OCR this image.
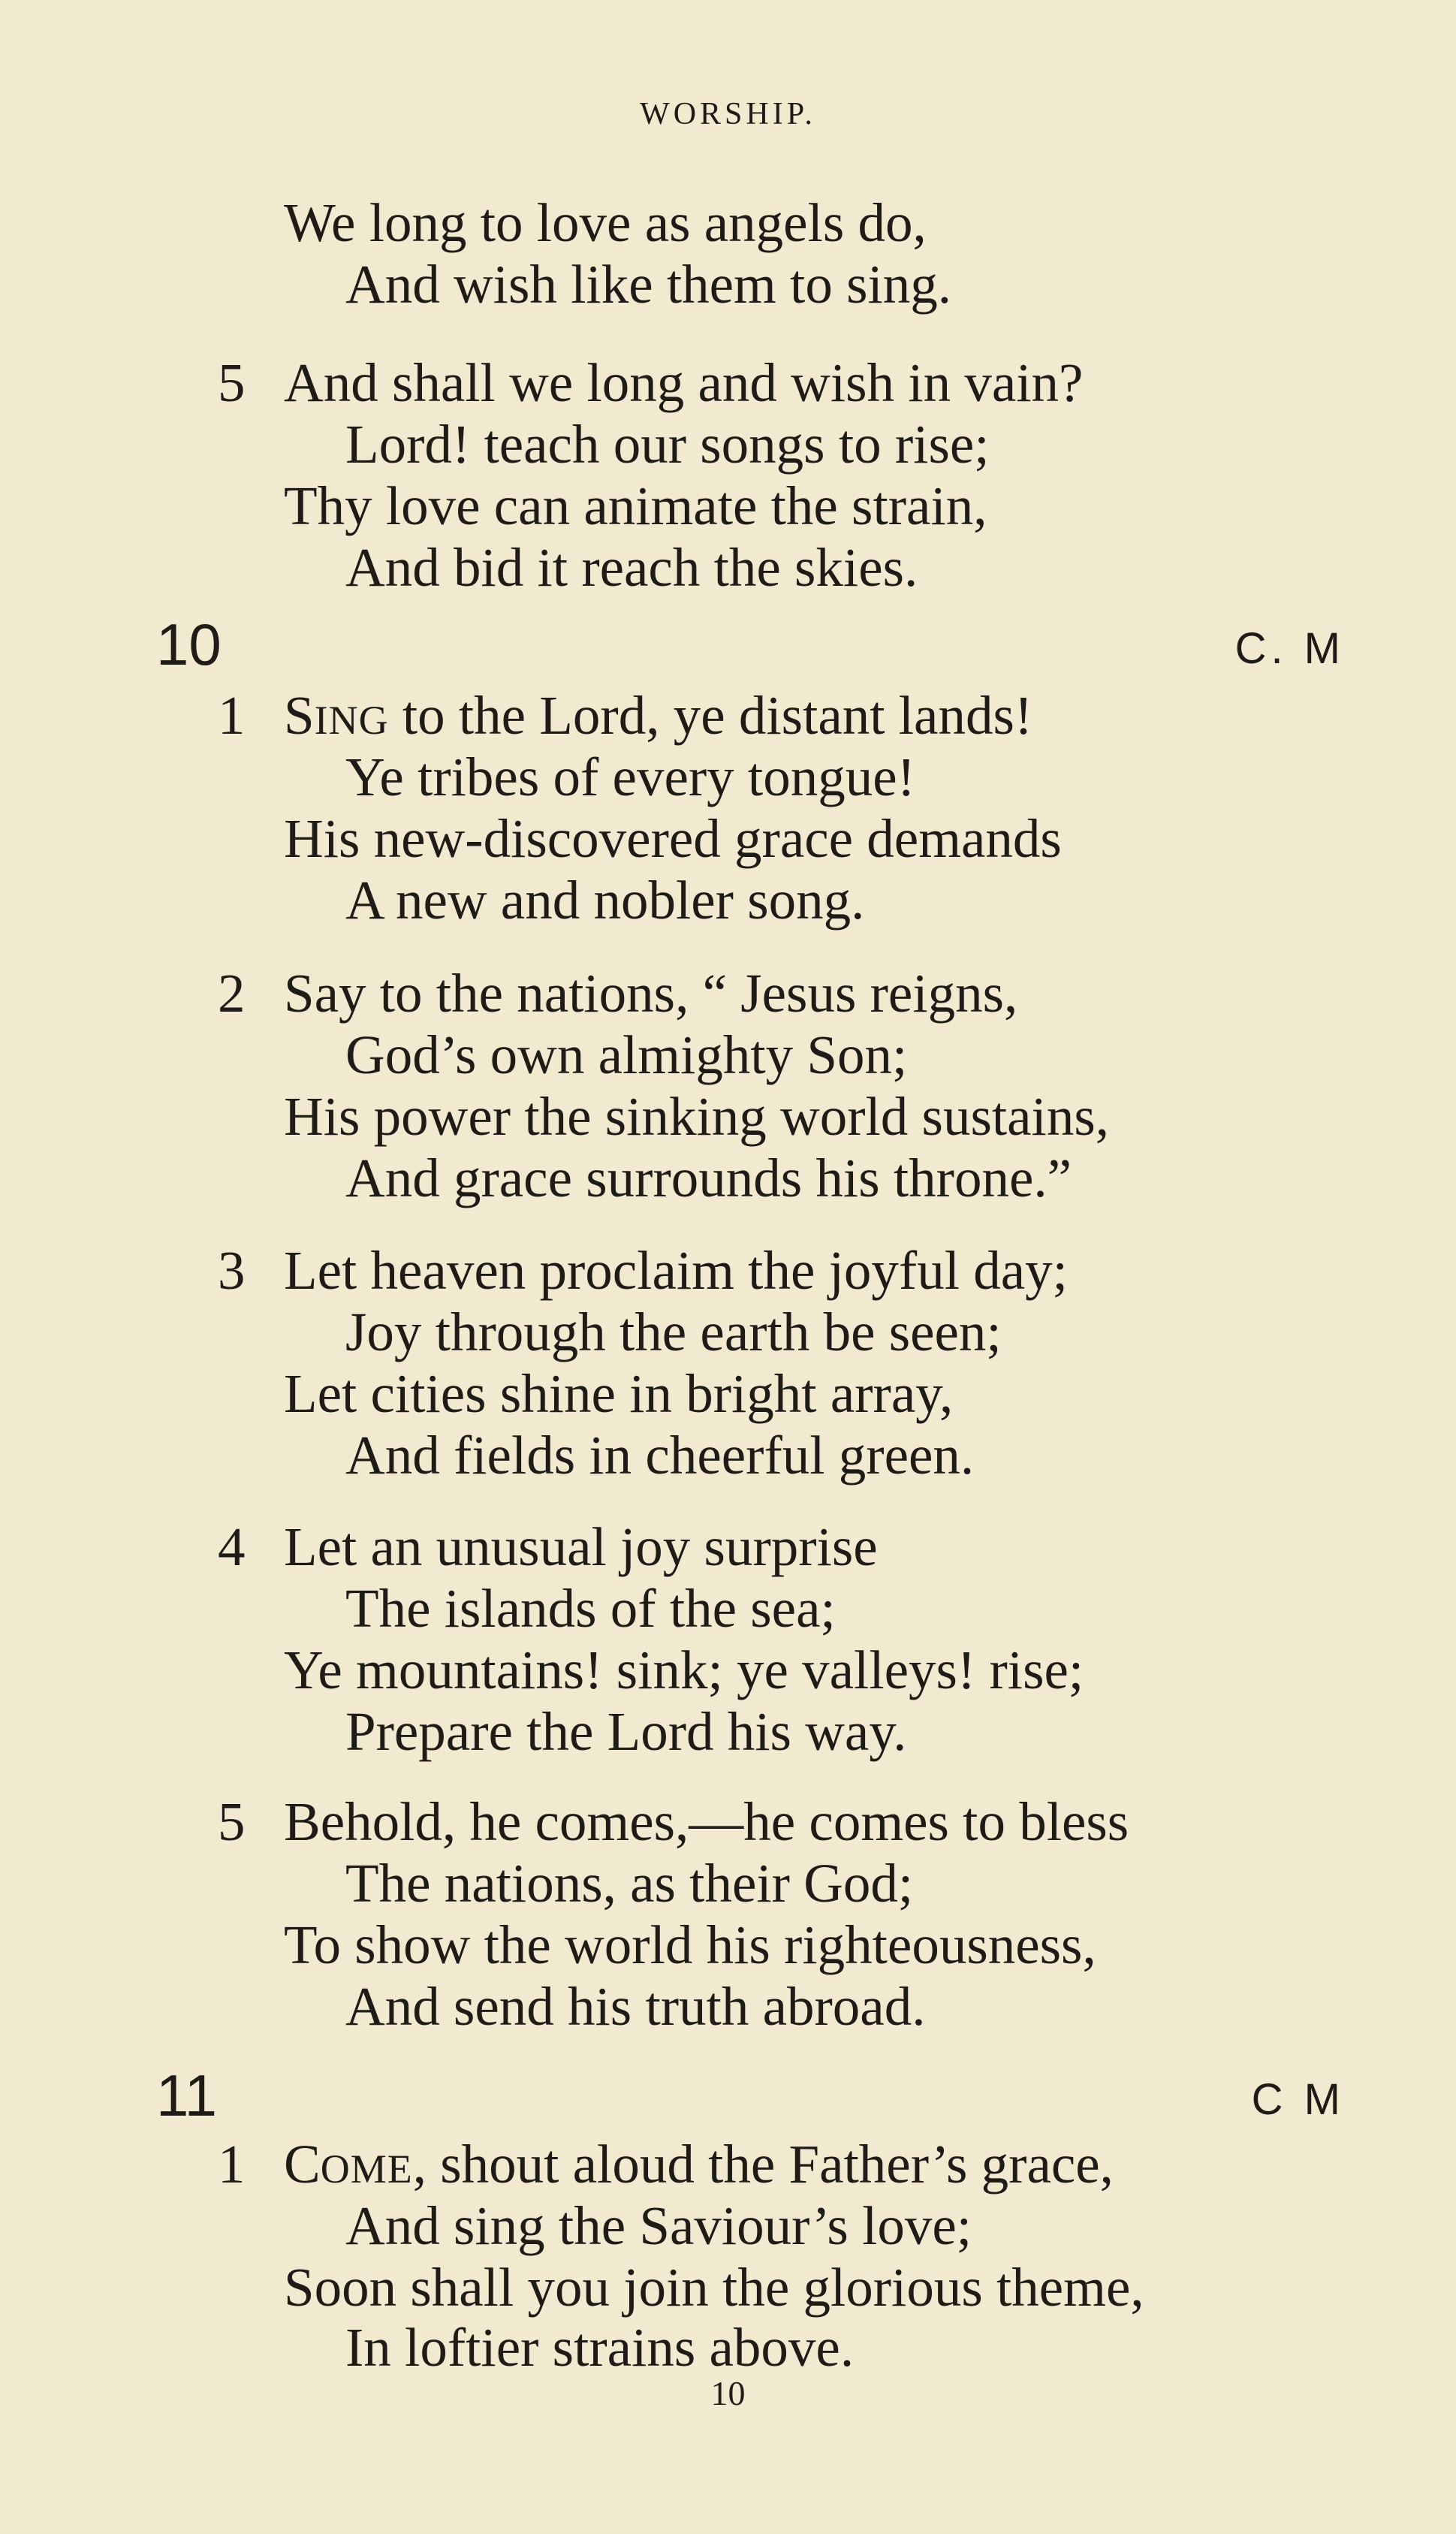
WORSHIP.
We long to love as angels do,
And wish like them to sing.
5 And shall we long and wish in vain?
Lord! teach our songs to rise;
Thy love can animate the strain,
And bid it reach the skies.
10	C. M
1 SING to the Lord, ye distant lands!
Ye tribes of every tongue!
His new-discovered grace demands
A new and nobler song.
2 Say to the nations, “ Jesus reigns,
God’s own almighty Son;
His power the sinking world sustains,
And grace surrounds his throne.”
3 Let heaven proclaim the joyful day;
Joy through the earth be seen;
Let cities shine in bright array,
And fields in cheerful green.
4 Let an unusual joy surprise
The islands of the sea;
Ye mountains! sink; ye valleys! rise;
Prepare the Lord his way.
5 Behold, he comes,—he comes to bless
The nations, as their God;
To show the world his righteousness,
And send his truth abroad.
11	C M
1 COME, shout aloud the Father’s grace,
And sing the Saviour’s love;
Soon shall you join the glorious theme,
In loftier strains above.
10
